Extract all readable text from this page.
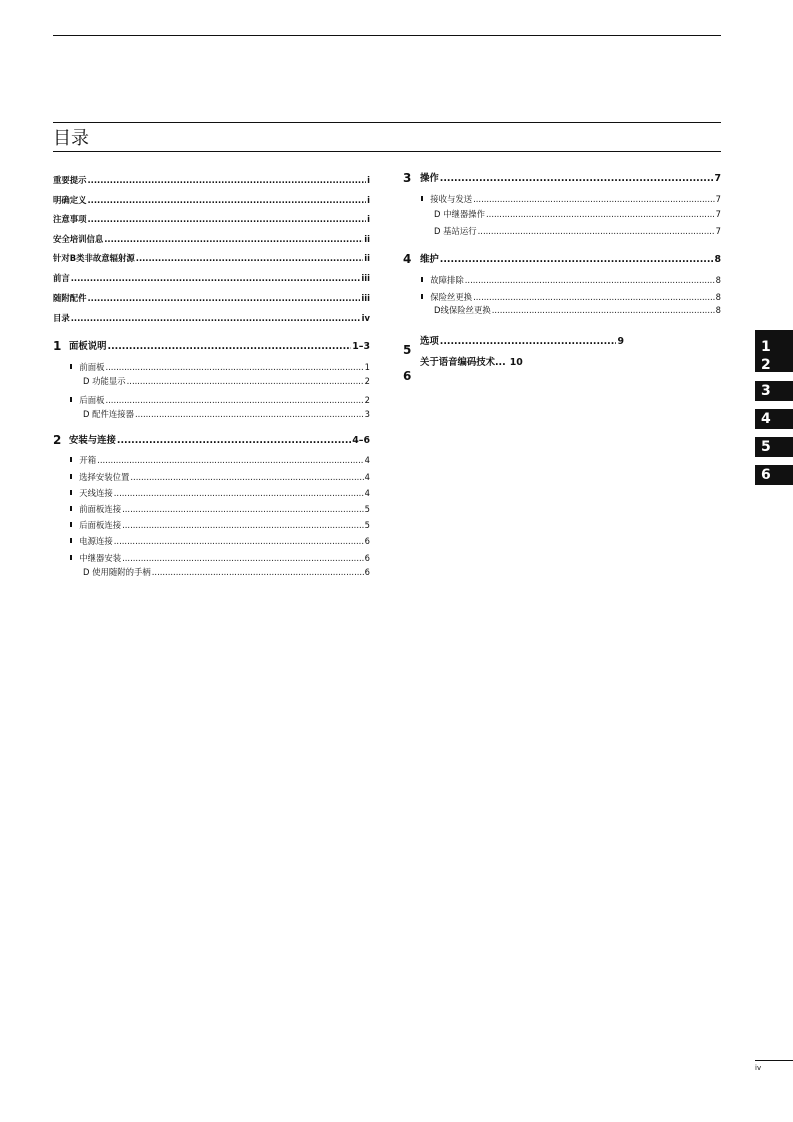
目录
重要提示 .....	i
明确定义 .....	i
注意事项 .....	i
安全培训信息 .....	ii
针对B类非故意辐射源 .....	ii
前言 .....	iii
随附配件 .....	iii
目录 .....	iv
1 面板说明 .....	1–3
前面板 .....	1
D 功能显示 .....	2
后面板 .....	2
D 配件连接器 .....	3
2 安装与连接 .....	4–6
开箱 .....	4
选择安装位置 .....	4
天线连接 .....	4
前面板连接 .....	5
后面板连接 .....	5
电源连接 .....	6
中继器安装 .....	6
D 使用随附的手柄 .....	6
3 操作 .....	7
接收与发送 .....	7
D 中继器操作 .....	7
D 基站运行 .....	7
4 维护 .....	8
故障排除 .....	8
保险丝更换 .....	8
D线保险丝更换 .....	8
5
选项 .....	9
6
关于语音编码技术... 10
1
2
3
4
5
6
iv
